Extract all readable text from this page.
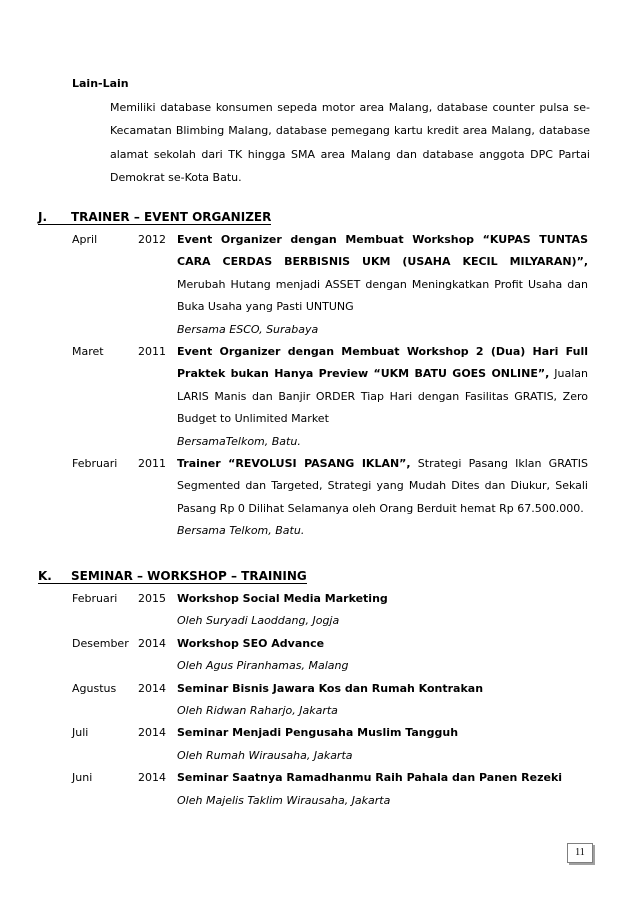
Lain-Lain
Memiliki database konsumen sepeda motor area Malang, database counter pulsa se-
Kecamatan Blimbing Malang, database pemegang kartu kredit area Malang, database
alamat sekolah dari TK hingga SMA area Malang dan database anggota DPC Partai
Demokrat se-Kota Batu.
J. TRAINER – EVENT ORGANIZER
April	2012	Event Organizer dengan Membuat Workshop “KUPAS TUNTAS
CARA CERDAS BERBISNIS UKM (USAHA KECIL MILYARAN)”,
Merubah Hutang menjadi ASSET dengan Meningkatkan Profit Usaha dan
Buka Usaha yang Pasti UNTUNG
Bersama ESCO, Surabaya
Maret	2011	Event Organizer dengan Membuat Workshop 2 (Dua) Hari Full
Praktek bukan Hanya Preview “UKM BATU GOES ONLINE”, Jualan
LARIS Manis dan Banjir ORDER Tiap Hari dengan Fasilitas GRATIS, Zero
Budget to Unlimited Market
BersamaTelkom, Batu.
Februari	2011	Trainer “REVOLUSI PASANG IKLAN”, Strategi Pasang Iklan GRATIS
Segmented dan Targeted, Strategi yang Mudah Dites dan Diukur, Sekali
Pasang Rp 0 Dilihat Selamanya oleh Orang Berduit hemat Rp 67.500.000.
Bersama Telkom, Batu.
K. SEMINAR – WORKSHOP – TRAINING
Februari	2015	Workshop Social Media Marketing
Oleh Suryadi Laoddang, Jogja
Desember 2014	Workshop SEO Advance
Oleh Agus Piranhamas, Malang
Agustus	2014	Seminar Bisnis Jawara Kos dan Rumah Kontrakan
Oleh Ridwan Raharjo, Jakarta
Juli	2014	Seminar Menjadi Pengusaha Muslim Tangguh
Oleh Rumah Wirausaha, Jakarta
Juni	2014	Seminar Saatnya Ramadhanmu Raih Pahala dan Panen Rezeki
Oleh Majelis Taklim Wirausaha, Jakarta
11
